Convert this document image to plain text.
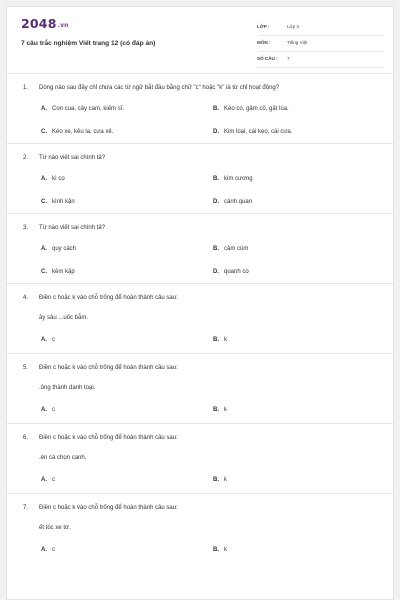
2048.vn
7 câu trắc nghiệm Viết trang 12 (có đáp án)
LỚP :	Lớp 3
MÔN :	Tiếng Việt
SỐ CÂU : 7
1. Dòng nào sau đây chỉ chứa các từ ngữ bắt đầu bằng chữ "c" hoặc "k" là từ chỉ hoạt động?
A. Con cua, cây cam, kiếm sĩ.	B. Kéo co, gậm cỏ, gặt lúa.
C. Kéo xe, kêu la, cưa xẻ.	D. Kim loại, cái kẹo, cái cưa.
2. Từ nào viết sai chính tả?
A. kì cọ	B. kim cương
C. kình kận	D. cánh quan
3. Từ nào viết sai chính tả?
A. quy cách	B. cảm cúm
C. kèm kặp	D. quanh co
4. Điền c hoặc k vào chỗ trống để hoàn thành câu sau:
ây sâu ...uốc bẫm.
A. c	B. k
5. Điền c hoặc k vào chỗ trống để hoàn thành câu sau:
.ông thành danh toại.
A. c	B. k
6. Điền c hoặc k vào chỗ trống để hoàn thành câu sau:
.én cá chọn canh.
A. c	B. k
7. Điền c hoặc k vào chỗ trống để hoàn thành câu sau:
ết tóc xe tơ.
A. c	B. k
